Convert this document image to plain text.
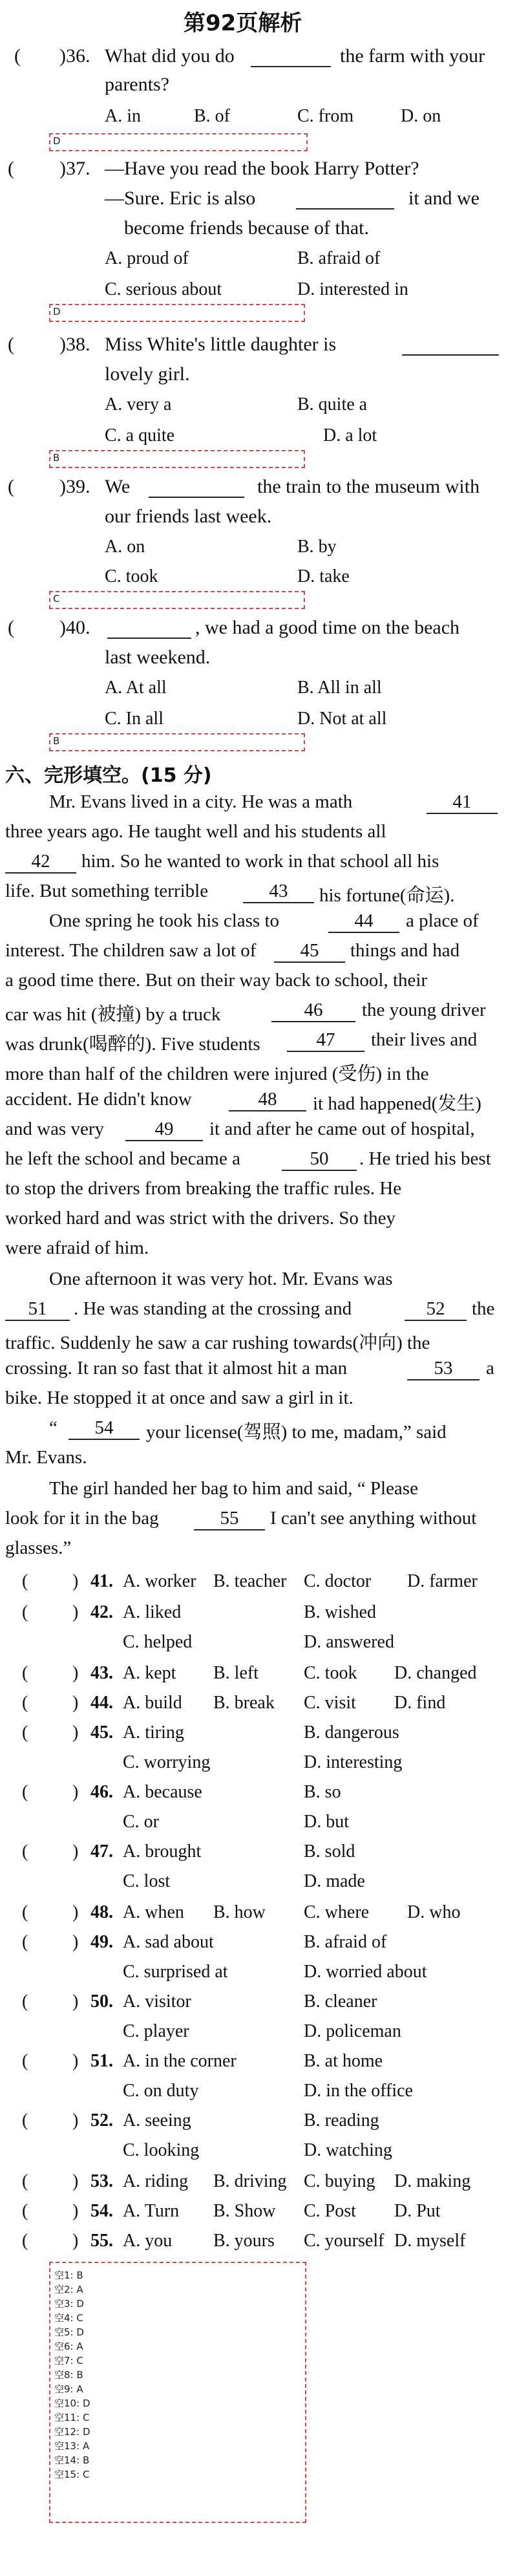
第92页解析
( )36. What did you do	the farm with your
parents?
A. in	B. of	C. from	D. on
D
( )37. —Have you read the book Harry Potter?
—Sure. Eric is also	it and we
become friends because of that.
A. proud of	B. afraid of
C. serious about	D. interested in
D
( )38. Miss White's little daughter is
lovely girl.
A. very a	B. quite a
C. a quite	D. a lot
B
( )39. We	the train to the museum with
our friends last week.
A. on	B. by
C. took	D. take
C
( )40.	, we had a good time on the beach
last weekend.
A. At all	B. All in all
C. In all	D. Not at all
B
六、完形填空。(15 分)
Mr. Evans lived in a city. He was a math	41
three years ago. He taught well and his students all
42	him. So he wanted to work in that school all his
life. But something terrible	43	his fortune(命运).
One spring he took his class to	44	a place of
interest. The children saw a lot of	45	things and had
a good time there. But on their way back to school, their
car was hit (被撞) by a truck	46	the young driver
was drunk(喝醉的). Five students	47	their lives and
more than half of the children were injured (受伤) in the
accident. He didn't know	48	it had happened(发生)
and was very	49	it and after he came out of hospital,
he left the school and became a	50	. He tried his best
to stop the drivers from breaking the traffic rules. He
worked hard and was strict with the drivers. So they
were afraid of him.
One afternoon it was very hot. Mr. Evans was
51	. He was standing at the crossing and	52	the
traffic. Suddenly he saw a car rushing towards(冲向) the
crossing. It ran so fast that it almost hit a man	53	a
bike. He stopped it at once and saw a girl in it.
“	54	your license(驾照) to me, madam,” said
Mr. Evans.
The girl handed her bag to him and said, “ Please
look for it in the bag	55	I can't see anything without
glasses.”
( ) 41. A. worker B. teacher C. doctor D. farmer
( ) 42. A. liked	B. wished
C. helped	D. answered
( ) 43. A. kept B. left	C. took D. changed
( ) 44. A. build B. break C. visit D. find
( ) 45. A. tiring	B. dangerous
C. worrying	D. interesting
( ) 46. A. because	B. so
C. or	D. but
( ) 47. A. brought	B. sold
C. lost	D. made
( ) 48. A. when B. how C. where D. who
( ) 49. A. sad about	B. afraid of
C. surprised at	D. worried about
( ) 50. A. visitor	B. cleaner
C. player	D. policeman
( ) 51. A. in the corner	B. at home
C. on duty	D. in the office
( ) 52. A. seeing	B. reading
C. looking	D. watching
( ) 53. A. riding B. driving C. buying D. making
( ) 54. A. Turn B. Show C. Post D. Put
( ) 55. A. you B. yours C. yourself D. myself
空1: B
空2: A
空3: D
空4: C
空5: D
空6: A
空7: C
空8: B
空9: A
空10: D
空11: C
空12: D
空13: A
空14: B
空15: C
